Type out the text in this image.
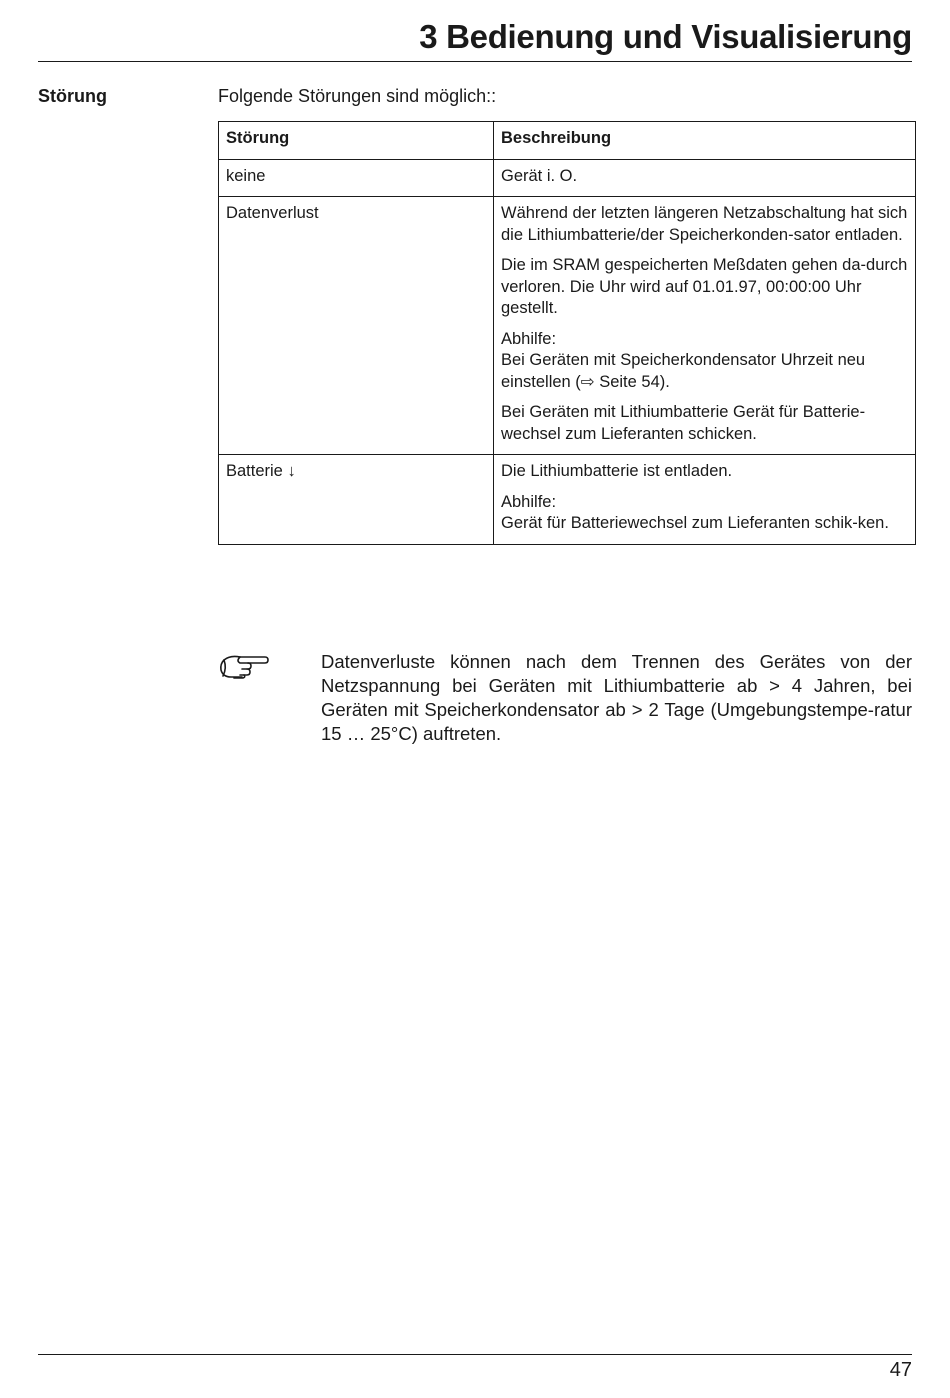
3 Bedienung und Visualisierung
Störung	Folgende Störungen sind möglich::
Störung	Beschreibung
keine	Gerät i. O.

Datenverlust	Während der letzten längeren Netzabschaltung hat sich die Lithiumbatterie/der Speicherkonden-sator entladen.

Die im SRAM gespeicherten Meßdaten gehen da-durch verloren. Die Uhr wird auf 01.01.97, 00:00:00 Uhr gestellt.

Abhilfe:
Bei Geräten mit Speicherkondensator Uhrzeit neu einstellen (⇨ Seite 54).

Bei Geräten mit Lithiumbatterie Gerät für Batterie-wechsel zum Lieferanten schicken.

Batterie ↓	Die Lithiumbatterie ist entladen.

Abhilfe:
Gerät für Batteriewechsel zum Lieferanten schik-ken.

Datenverluste können nach dem Trennen des Gerätes von der Netzspannung bei Geräten mit Lithiumbatterie ab > 4 Jahren, bei Geräten mit Speicherkondensator ab > 2 Tage (Umgebungstempe-ratur 15 … 25°C) auftreten.
47
